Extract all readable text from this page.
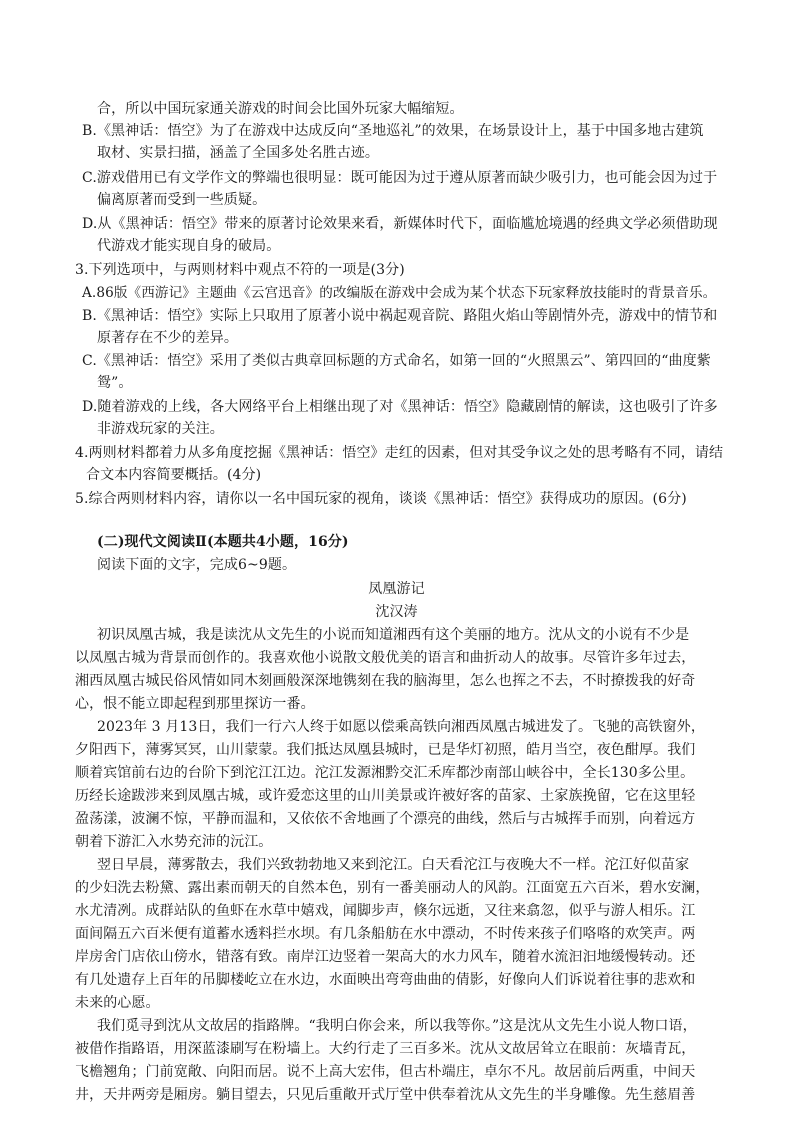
合，所以中国玩家通关游戏的时间会比国外玩家大幅缩短。
B.《黑神话：悟空》为了在游戏中达成反向“圣地巡礼”的效果，在场景设计上，基于中国多地古建筑
取材、实景扫描，涵盖了全国多处名胜古迹。
C.游戏借用已有文学作文的弊端也很明显：既可能因为过于遵从原著而缺少吸引力，也可能会因为过于
偏离原著而受到一些质疑。
D.从《黑神话：悟空》带来的原著讨论效果来看，新媒体时代下，面临尴尬境遇的经典文学必须借助现
代游戏才能实现自身的破局。
3.下列选项中，与两则材料中观点不符的一项是(3分)
A.86版《西游记》主题曲《云宫迅音》的改编版在游戏中会成为某个状态下玩家释放技能时的背景音乐。
B.《黑神话：悟空》实际上只取用了原著小说中祸起观音院、路阻火焰山等剧情外壳，游戏中的情节和
原著存在不少的差异。
C.《黑神话：悟空》采用了类似古典章回标题的方式命名，如第一回的“火照黑云”、第四回的“曲度紫
鸳”。
D.随着游戏的上线，各大网络平台上相继出现了对《黑神话：悟空》隐藏剧情的解读，这也吸引了许多
非游戏玩家的关注。
4.两则材料都着力从多角度挖掘《黑神话：悟空》走红的因素，但对其受争议之处的思考略有不同，请结
合文本内容简要概括。(4分)
5.综合两则材料内容，请你以一名中国玩家的视角，谈谈《黑神话：悟空》获得成功的原因。(6分)
(二)现代文阅读Ⅱ(本题共4小题，16分)
阅读下面的文字，完成6~9题。
凤凰游记
沈汉涛
初识凤凰古城，我是读沈从文先生的小说而知道湘西有这个美丽的地方。沈从文的小说有不少是
以凤凰古城为背景而创作的。我喜欢他小说散文般优美的语言和曲折动人的故事。尽管许多年过去，
湘西凤凰古城民俗风情如同木刻画般深深地镌刻在我的脑海里，怎么也挥之不去，不时撩拨我的好奇
心，恨不能立即起程到那里探访一番。
2023年 3 月13日，我们一行六人终于如愿以偿乘高铁向湘西凤凰古城进发了。飞驰的高铁窗外，
夕阳西下，薄雾冥冥，山川蒙蒙。我们抵达凤凰县城时，已是华灯初照，皓月当空，夜色酣厚。我们
顺着宾馆前右边的台阶下到沱江江边。沱江发源湘黔交汇禾库都沙南部山峡谷中，全长130多公里。
历经长途跋涉来到凤凰古城，或许爱恋这里的山川美景或许被好客的苗家、土家族挽留，它在这里轻
盈荡漾，波澜不惊，平静而温和，又依依不舍地画了个漂亮的曲线，然后与古城挥手而别，向着远方
朝着下游汇入水势充沛的沅江。
翌日早晨，薄雾散去，我们兴致勃勃地又来到沱江。白天看沱江与夜晚大不一样。沱江好似苗家
的少妇洗去粉黛、露出素而朝天的自然本色，别有一番美丽动人的风韵。江面宽五六百米，碧水安澜，
水尤清冽。成群站队的鱼虾在水草中嬉戏，闻脚步声，倏尔远逝，又往来翕忽，似乎与游人相乐。江
面间隔五六百米便有道蓄水透料拦水坝。有几条船舫在水中漂动，不时传来孩子们咯咯的欢笑声。两
岸房舍门店依山傍水，错落有致。南岸江边竖着一架高大的水力风车，随着水流汩汩地缓慢转动。还
有几处遗存上百年的吊脚楼屹立在水边，水面映出弯弯曲曲的倩影，好像向人们诉说着往事的悲欢和
未来的心愿。
我们觅寻到沈从文故居的指路牌。“我明白你会来，所以我等你。”这是沈从文先生小说人物口语，
被借作指路语，用深蓝漆刷写在粉墙上。大约行走了三百多米。沈从文故居耸立在眼前：灰墙青瓦，
飞檐翘角；门前宽敞、向阳而居。说不上高大宏伟，但古朴端庄，卓尔不凡。故居前后两重，中间天
井，天井两旁是厢房。躺目望去，只见后重敞开式厅堂中供奉着沈从文先生的半身雕像。先生慈眉善
